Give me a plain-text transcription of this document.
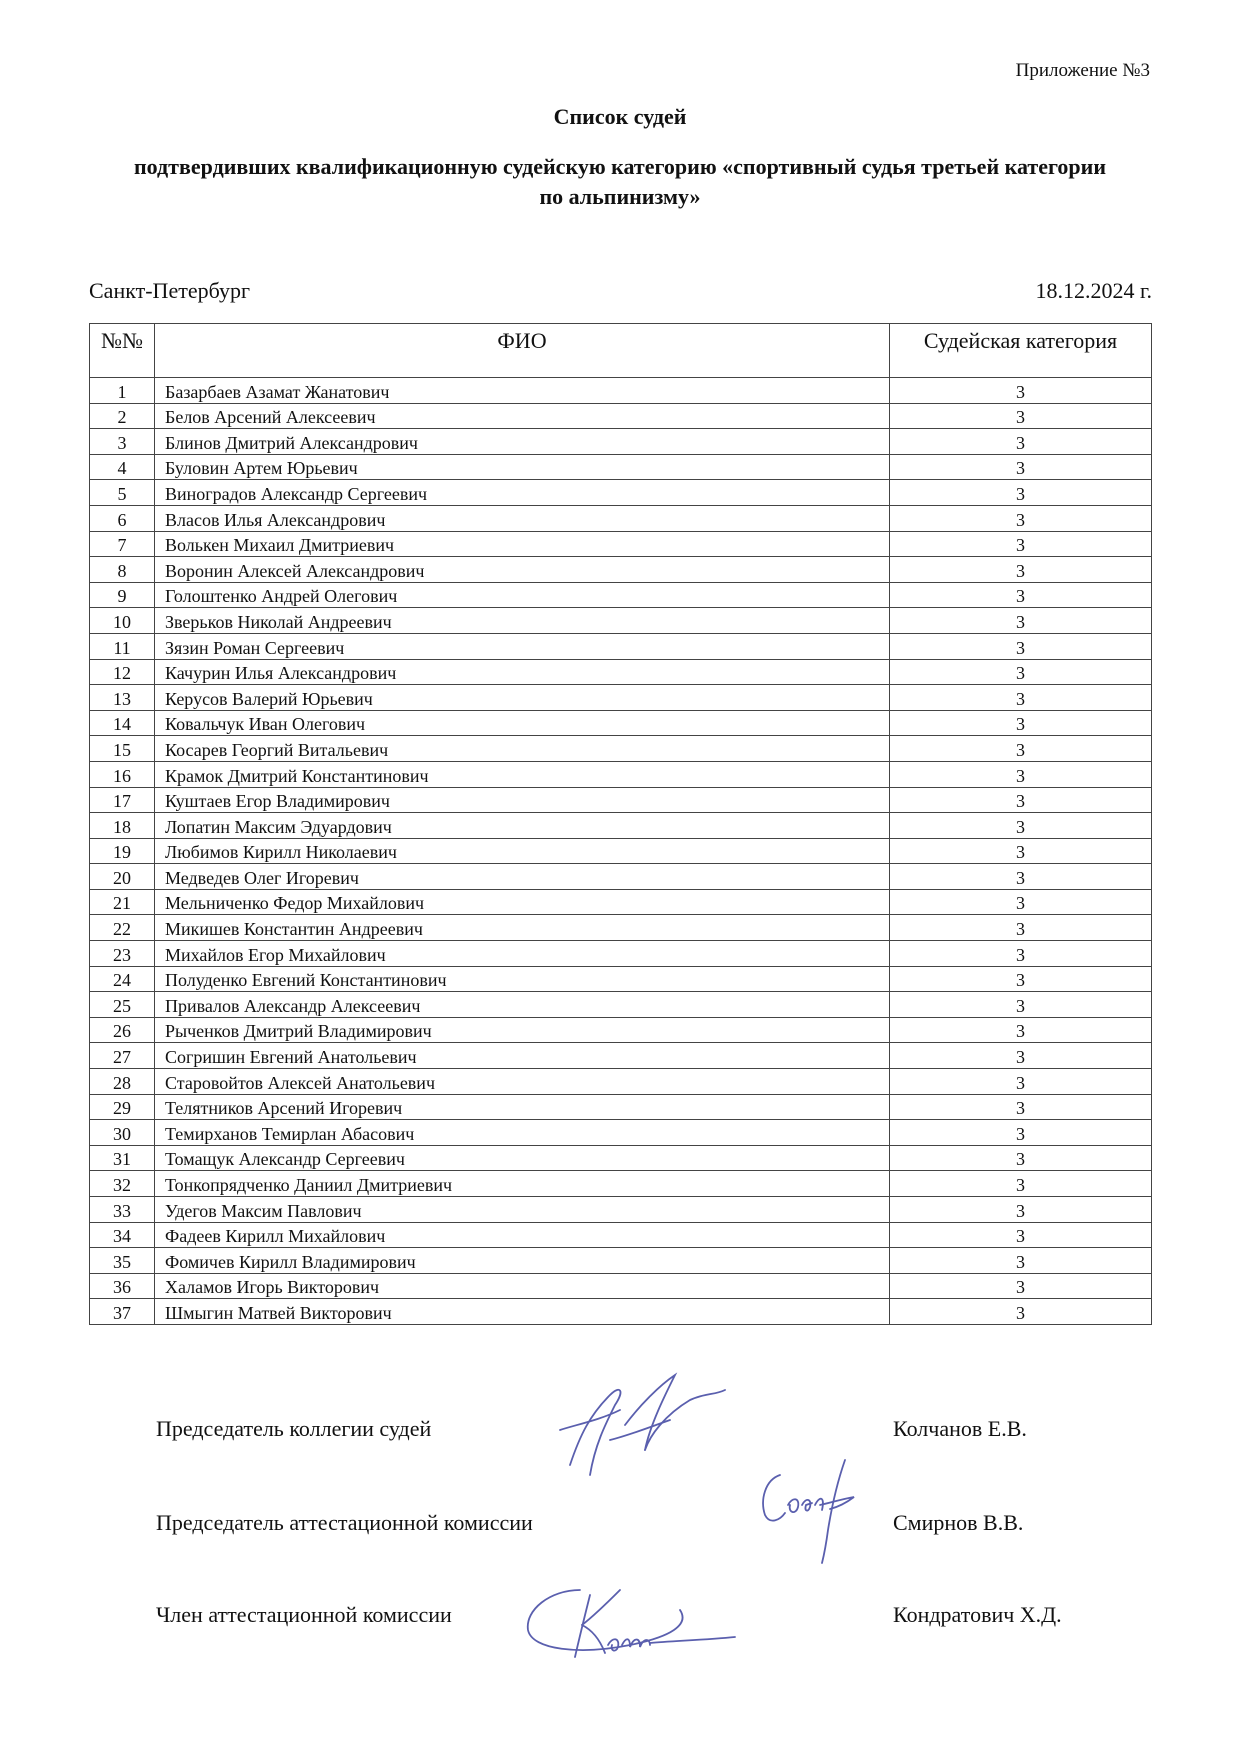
Приложение №3
Список судей
подтвердивших квалификационную судейскую категорию «спортивный судья третьей категории по альпинизму»
Санкт-Петербург	18.12.2024 г.
№№	ФИО	Судейская категория
1	Базарбаев Азамат Жанатович	3
2	Белов Арсений Алексеевич	3
3	Блинов Дмитрий Александрович	3
4	Буловин Артем Юрьевич	3
5	Виноградов Александр Сергеевич	3
6	Власов Илья Александрович	3
7	Волькен Михаил Дмитриевич	3
8	Воронин Алексей Александрович	3
9	Голоштенко Андрей Олегович	3
10	Зверьков Николай Андреевич	3
11	Зязин Роман Сергеевич	3
12	Качурин Илья Александрович	3
13	Керусов Валерий Юрьевич	3
14	Ковальчук Иван Олегович	3
15	Косарев Георгий Витальевич	3
16	Крамок Дмитрий Константинович	3
17	Куштаев Егор Владимирович	3
18	Лопатин Максим Эдуардович	3
19	Любимов Кирилл Николаевич	3
20	Медведев Олег Игоревич	3
21	Мельниченко Федор Михайлович	3
22	Микишев Константин Андреевич	3
23	Михайлов Егор Михайлович	3
24	Полуденко Евгений Константинович	3
25	Привалов Александр Алексеевич	3
26	Рыченков Дмитрий Владимирович	3
27	Согришин Евгений Анатольевич	3
28	Старовойтов Алексей Анатольевич	3
29	Телятников Арсений Игоревич	3
30	Темирханов Темирлан Абасович	3
31	Томащук Александр Сергеевич	3
32	Тонкопрядченко Даниил Дмитриевич	3
33	Удегов Максим Павлович	3
34	Фадеев Кирилл Михайлович	3
35	Фомичев Кирилл Владимирович	3
36	Халамов Игорь Викторович	3
37	Шмыгин Матвей Викторович	3
Председатель коллегии судей	Колчанов Е.В.
Председатель аттестационной комиссии	Смирнов В.В.
Член аттестационной комиссии	Кондратович Х.Д.
